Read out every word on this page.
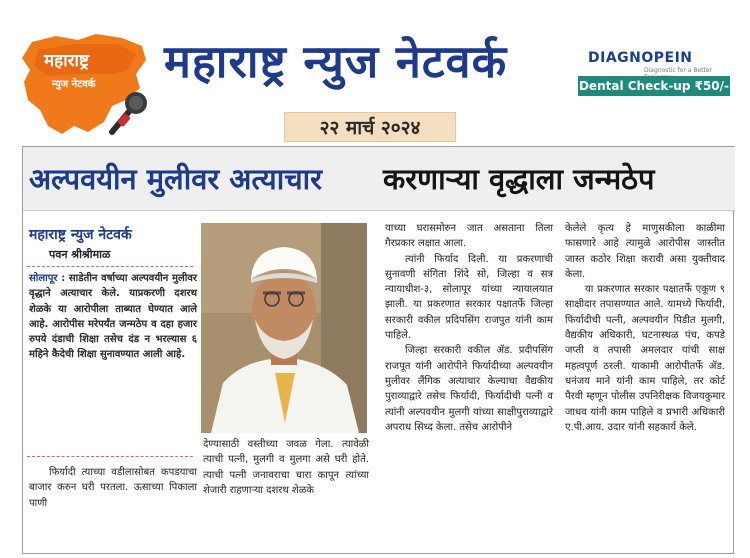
महाराष्ट्र
न्युज नेटवर्क महाराष्ट्र न्युज नेटवर्क
२२ मार्च २०२४
DIAGNOPEIN
Diagnostic for a Better
Dental Check-up ₹50/-
अल्पवयीन मुलीवर अत्याचार करणाऱ्या वृद्धाला जन्मठेप
महाराष्ट्र न्युज नेटवर्क
पवन श्रीश्रीमाळ

सोलापूर : साडेतीन वर्षाच्या अल्पवयीन मुलीवर वृद्धाने अत्याचार केले. याप्रकरणी दशरथ शेळके या आरोपीला ताब्यात घेण्यात आले आहे. आरोपीस मरेपर्यंत जन्मठेप व दहा हजार रुपये दंडाची शिक्षा तसेच दंड न भरल्यास ६ महिने कैदेची शिक्षा सुनावण्यात आली आहे.

फिर्यादी त्याच्या वडीलासोबत कपडयाचा बाजार करुन घरी परतला. ऊसाच्या पिकाला पाणी

देण्यासाठी वस्तीच्या जवळ गेला. त्यावेळी त्याची पत्नी, मुलगी व मुलगा असे घरी होते. त्याची पत्नी जनावराचा चारा कापून त्यांच्या शेजारी राहणाऱ्या दशरथ शेळके

याच्या घरासमोरुन जात असताना तिला गैरप्रकार लक्षात आला.

त्यांनी फिर्याद दिली. या प्रकरणाची सुनावणी संगिता शिंदे सो, जिल्हा व सत्र न्यायाधीश-३, सोलापूर यांच्या न्यायालयात झाली. या प्रकरणात सरकार पक्षातर्फे जिल्हा सरकारी वकील प्रदिपसिंग राजपुत यांनी काम पाहिले.

जिल्हा सरकारी वकील ॲड. प्रदीपसिंग राजपूत यांनी आरोपीने फिर्यादीच्या अल्पवयीन मुलीवर लैंगिक अत्याचार केल्याचा वैद्यकीय पुराव्याद्वारे तसेच फिर्यादी, फिर्यादीची पत्नी व त्यांनी अल्पवयीन मुलगी यांच्या साक्षीपुराव्याद्वारे अपराध सिध्द केला. तसेच आरोपीने

केलेले कृत्य हे माणुसकीला काळीमा फासणारे आहे त्यामुळे आरोपीस जास्तीत जास्त कठोर शिक्षा करावी असा युक्तीवाद केला.

या प्रकरणात सरकार पक्षातर्फे एकूण ९ साक्षीदार तपासण्यात आले. यामध्ये फिर्यादी, फिर्यादीची पत्नी, अल्पवयीन पिडीत मुलगी, वैद्यकीय अधिकारी, घटनास्थळ पंच, कपडे जप्ती व तपासी अमलदार यांची साक्ष महत्वपूर्ण ठरली. याकामी आरोपीतर्फे ॲड. धनंजय माने यांनी काम पाहिले, तर कोर्ट पैरवी म्हणून पोलीस उपनिरीक्षक विजयकुमार जाधव यांनी काम पाहिले व प्रभारी अधिकारी ए.पी.आय. उदार यांनी सहकार्य केले.
